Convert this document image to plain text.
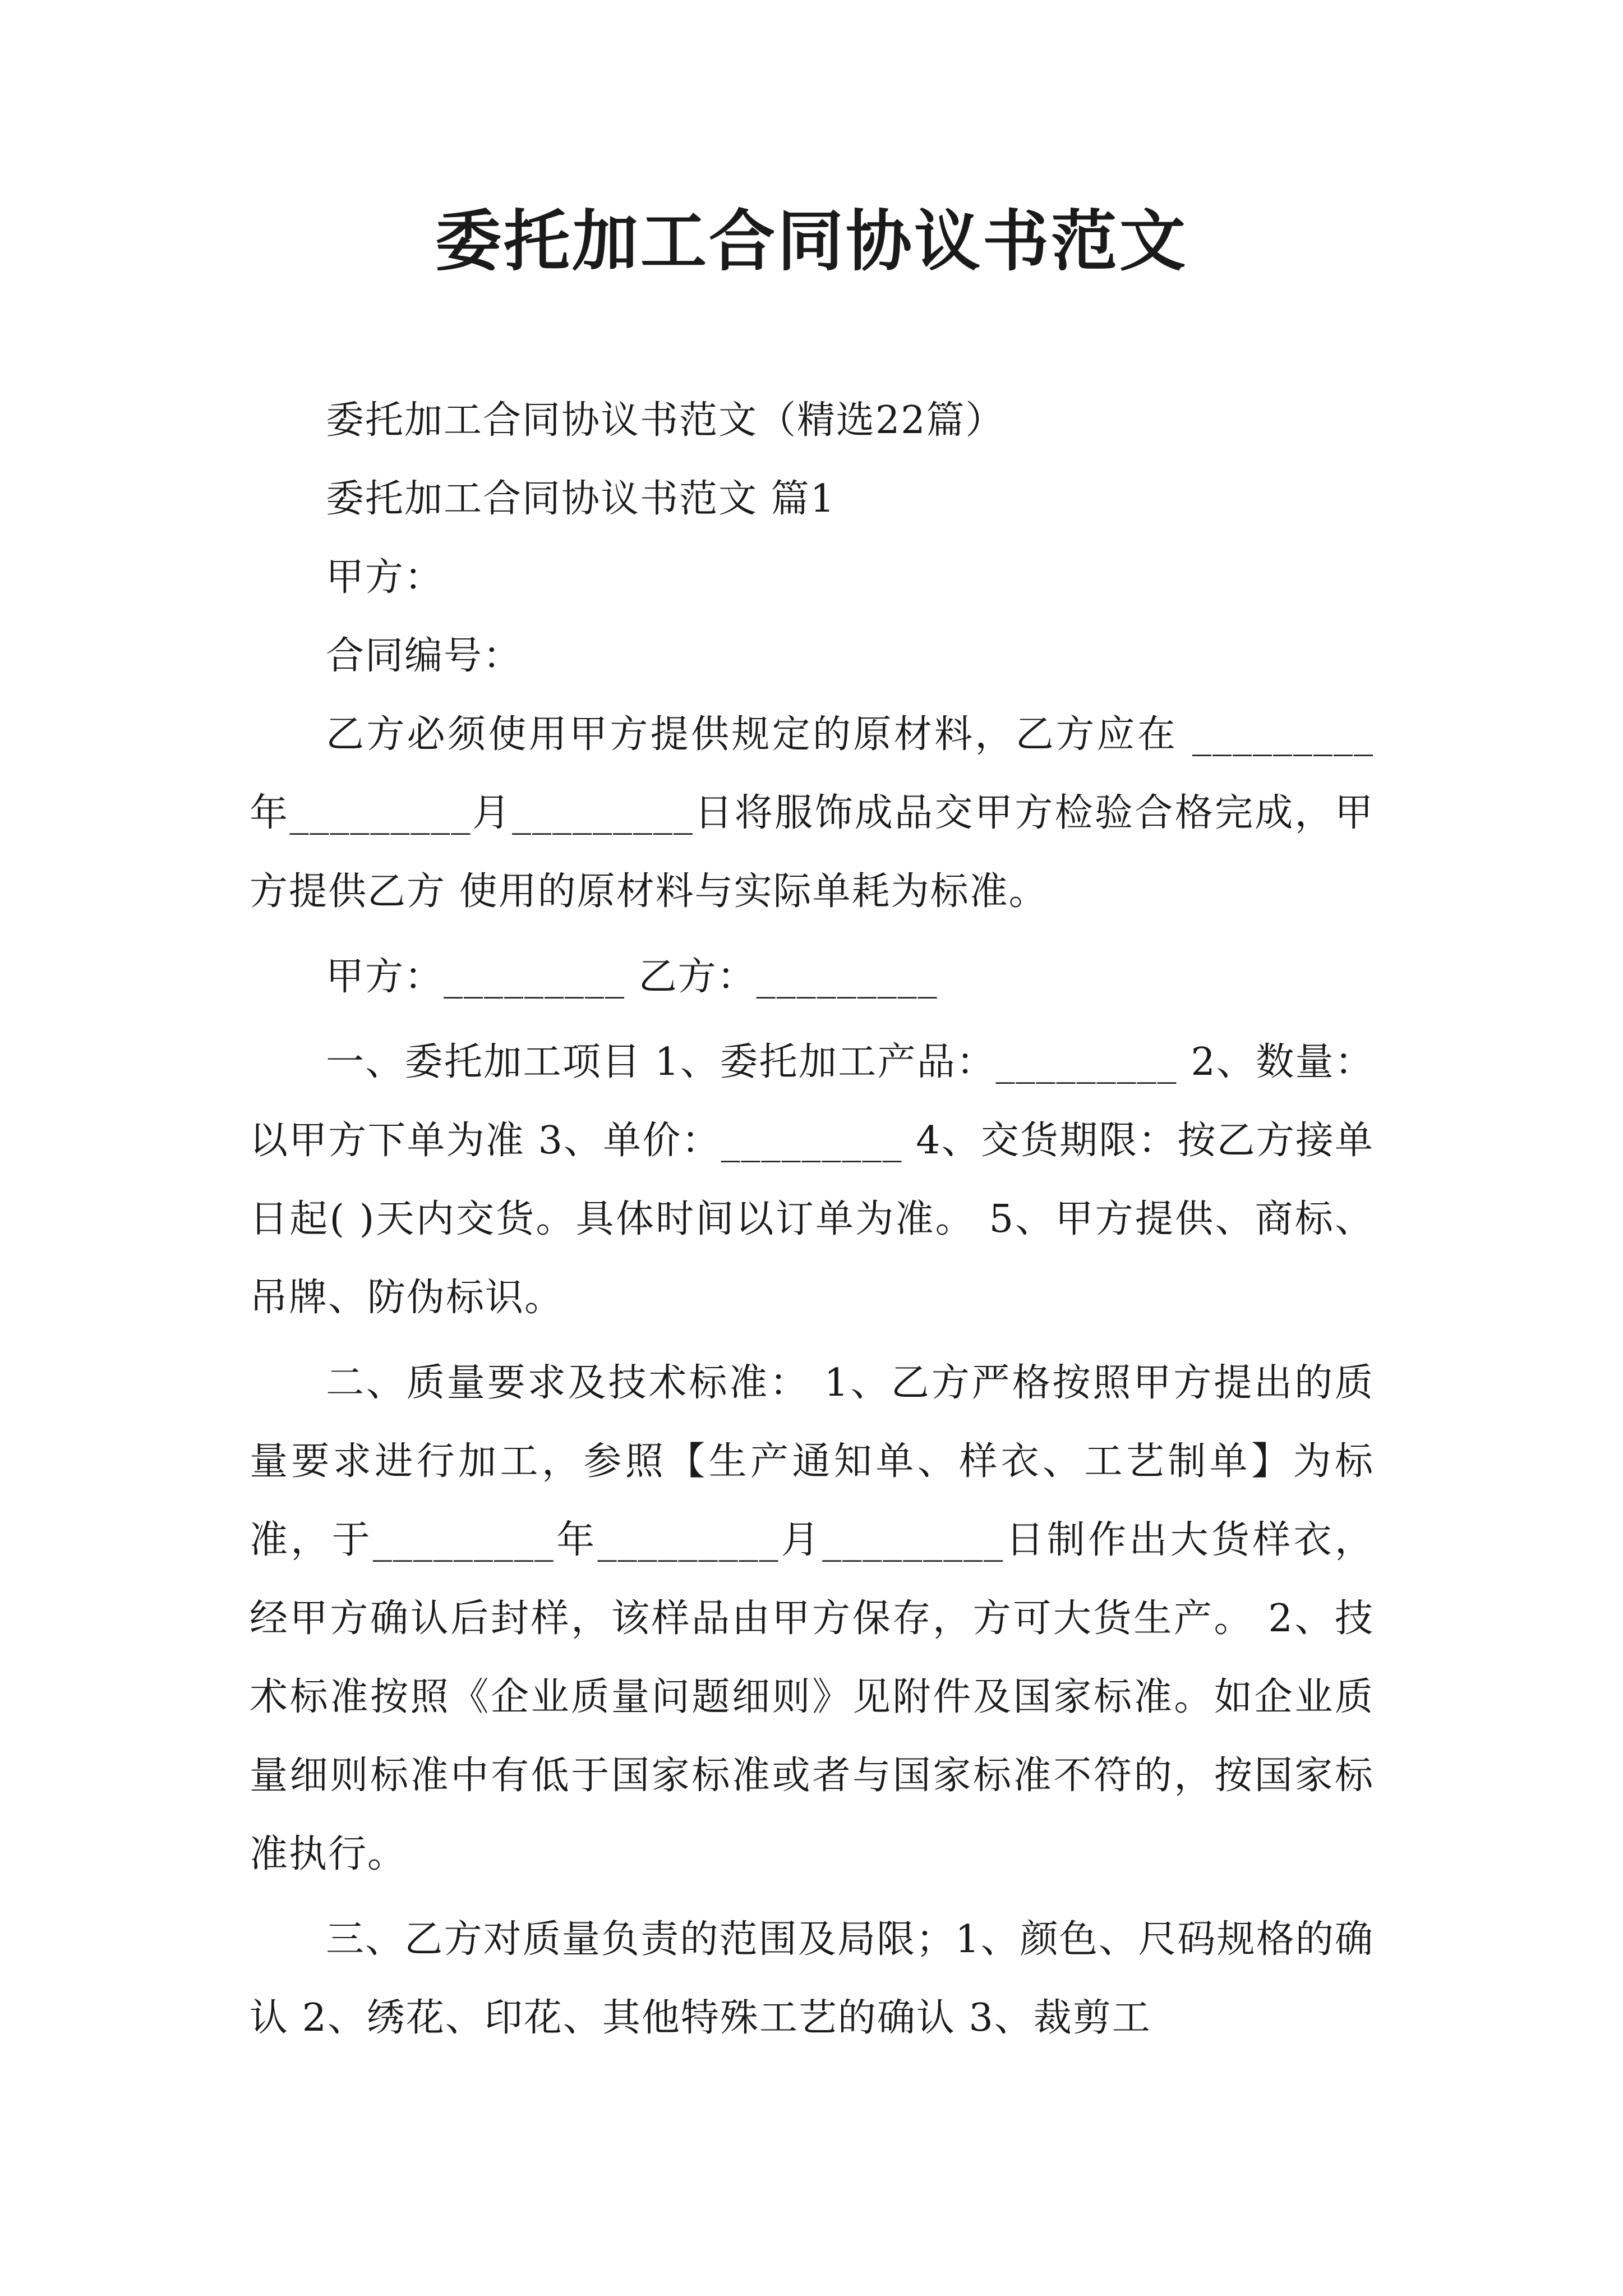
委托加工合同协议书范文

委托加工合同协议书范文（精选22篇）

委托加工合同协议书范文 篇1

甲方：

合同编号：

乙方必须使用甲方提供规定的原材料，乙方应在 _________ 年_________月_________日将服饰成品交甲方检验合格完成，甲方提供乙方 使用的原材料与实际单耗为标准。

甲方：_________ 乙方：_________

一、委托加工项目 1、委托加工产品：_________ 2、数量：以甲方下单为准 3、单价：_________ 4、交货期限：按乙方接单日起( )天内交货。具体时间以订单为准。 5、甲方提供、商标、吊牌、防伪标识。

二、质量要求及技术标准： 1、乙方严格按照甲方提出的质量要求进行加工，参照【生产通知单、样衣、工艺制单】为标准，于_________年_________月_________日制作出大货样衣，经甲方确认后封样，该样品由甲方保存，方可大货生产。 2、技术标准按照《企业质量问题细则》见附件及国家标准。如企业质量细则标准中有低于国家标准或者与国家标准不符的，按国家标准执行。

三、乙方对质量负责的范围及局限；1、颜色、尺码规格的确认 2、绣花、印花、其他特殊工艺的确认 3、裁剪工
